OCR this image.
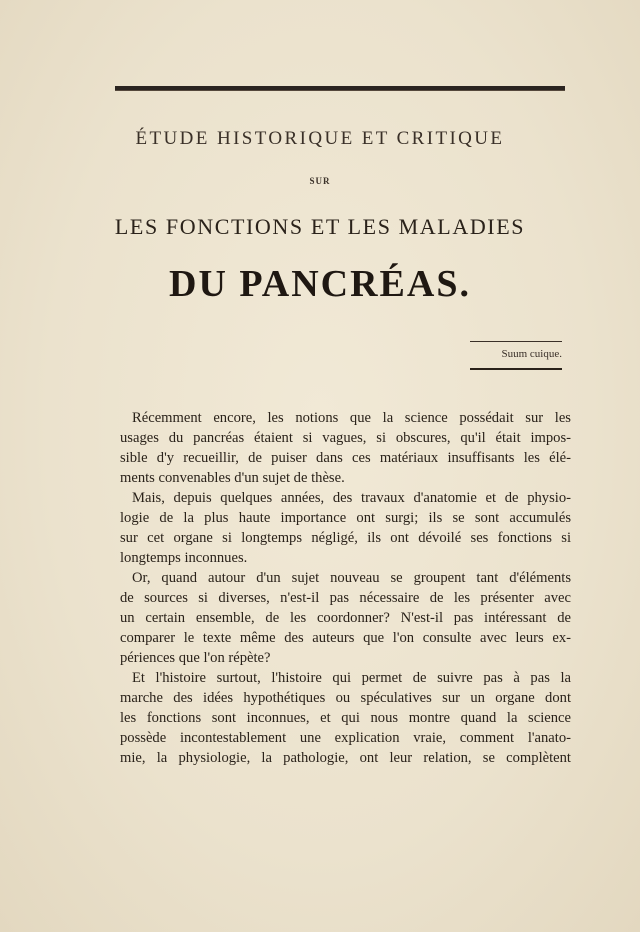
ÉTUDE HISTORIQUE ET CRITIQUE
SUR
LES FONCTIONS ET LES MALADIES
DU PANCRÉAS.
Suum cuique.
Récemment encore, les notions que la science possédait sur les
usages du pancréas étaient si vagues, si obscures, qu'il était impos-
sible d'y recueillir, de puiser dans ces matériaux insuffisants les élé-
ments convenables d'un sujet de thèse.
Mais, depuis quelques années, des travaux d'anatomie et de physio-
logie de la plus haute importance ont surgi; ils se sont accumulés
sur cet organe si longtemps négligé, ils ont dévoilé ses fonctions si
longtemps inconnues.
Or, quand autour d'un sujet nouveau se groupent tant d'éléments
de sources si diverses, n'est-il pas nécessaire de les présenter avec
un certain ensemble, de les coordonner? N'est-il pas intéressant de
comparer le texte même des auteurs que l'on consulte avec leurs ex-
périences que l'on répète?
Et l'histoire surtout, l'histoire qui permet de suivre pas à pas la
marche des idées hypothétiques ou spéculatives sur un organe dont
les fonctions sont inconnues, et qui nous montre quand la science
possède incontestablement une explication vraie, comment l'anato-
mie, la physiologie, la pathologie, ont leur relation, se complètent
